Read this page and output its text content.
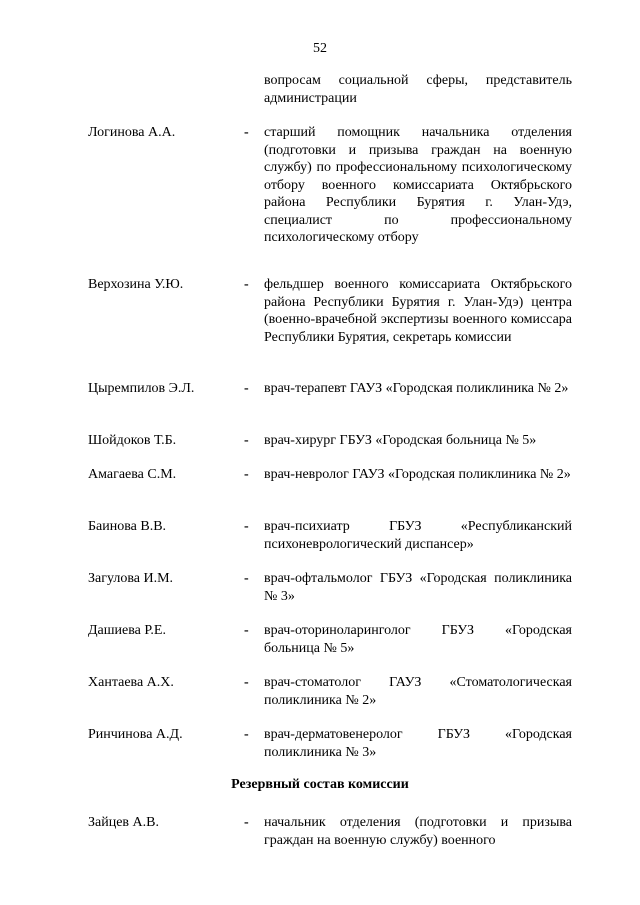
52
вопросам социальной сферы, представитель администрации
Логинова А.А.	- старший помощник начальника отделения (подготовки и призыва граждан на военную службу) по профессиональному психологическому отбору военного комиссариата Октябрьского района Республики Бурятия г. Улан-Удэ, специалист по профессиональному психологическому отбору
Верхозина У.Ю.	- фельдшер военного комиссариата Октябрьского района Республики Бурятия г. Улан-Удэ) центра (военно-врачебной экспертизы военного комиссара Республики Бурятия, секретарь комиссии
Цыремпилов Э.Л.	- врач-терапевт ГАУЗ «Городская поликлиника № 2»
Шойдоков Т.Б.	- врач-хирург ГБУЗ «Городская больница № 5»
Амагаева С.М.	- врач-невролог ГАУЗ «Городская поликлиника № 2»
Баинова В.В.	- врач-психиатр ГБУЗ «Республиканский психоневрологический диспансер»
Загулова И.М.	- врач-офтальмолог ГБУЗ «Городская поликлиника № 3»
Дашиева Р.Е.	- врач-оториноларинголог ГБУЗ «Городская больница № 5»
Хантаева А.Х.	- врач-стоматолог ГАУЗ «Стоматологическая поликлиника № 2»
Ринчинова А.Д.	- врач-дерматовенеролог ГБУЗ «Городская поликлиника № 3»
Резервный состав комиссии
Зайцев А.В.	- начальник отделения (подготовки и призыва граждан на военную службу) военного
